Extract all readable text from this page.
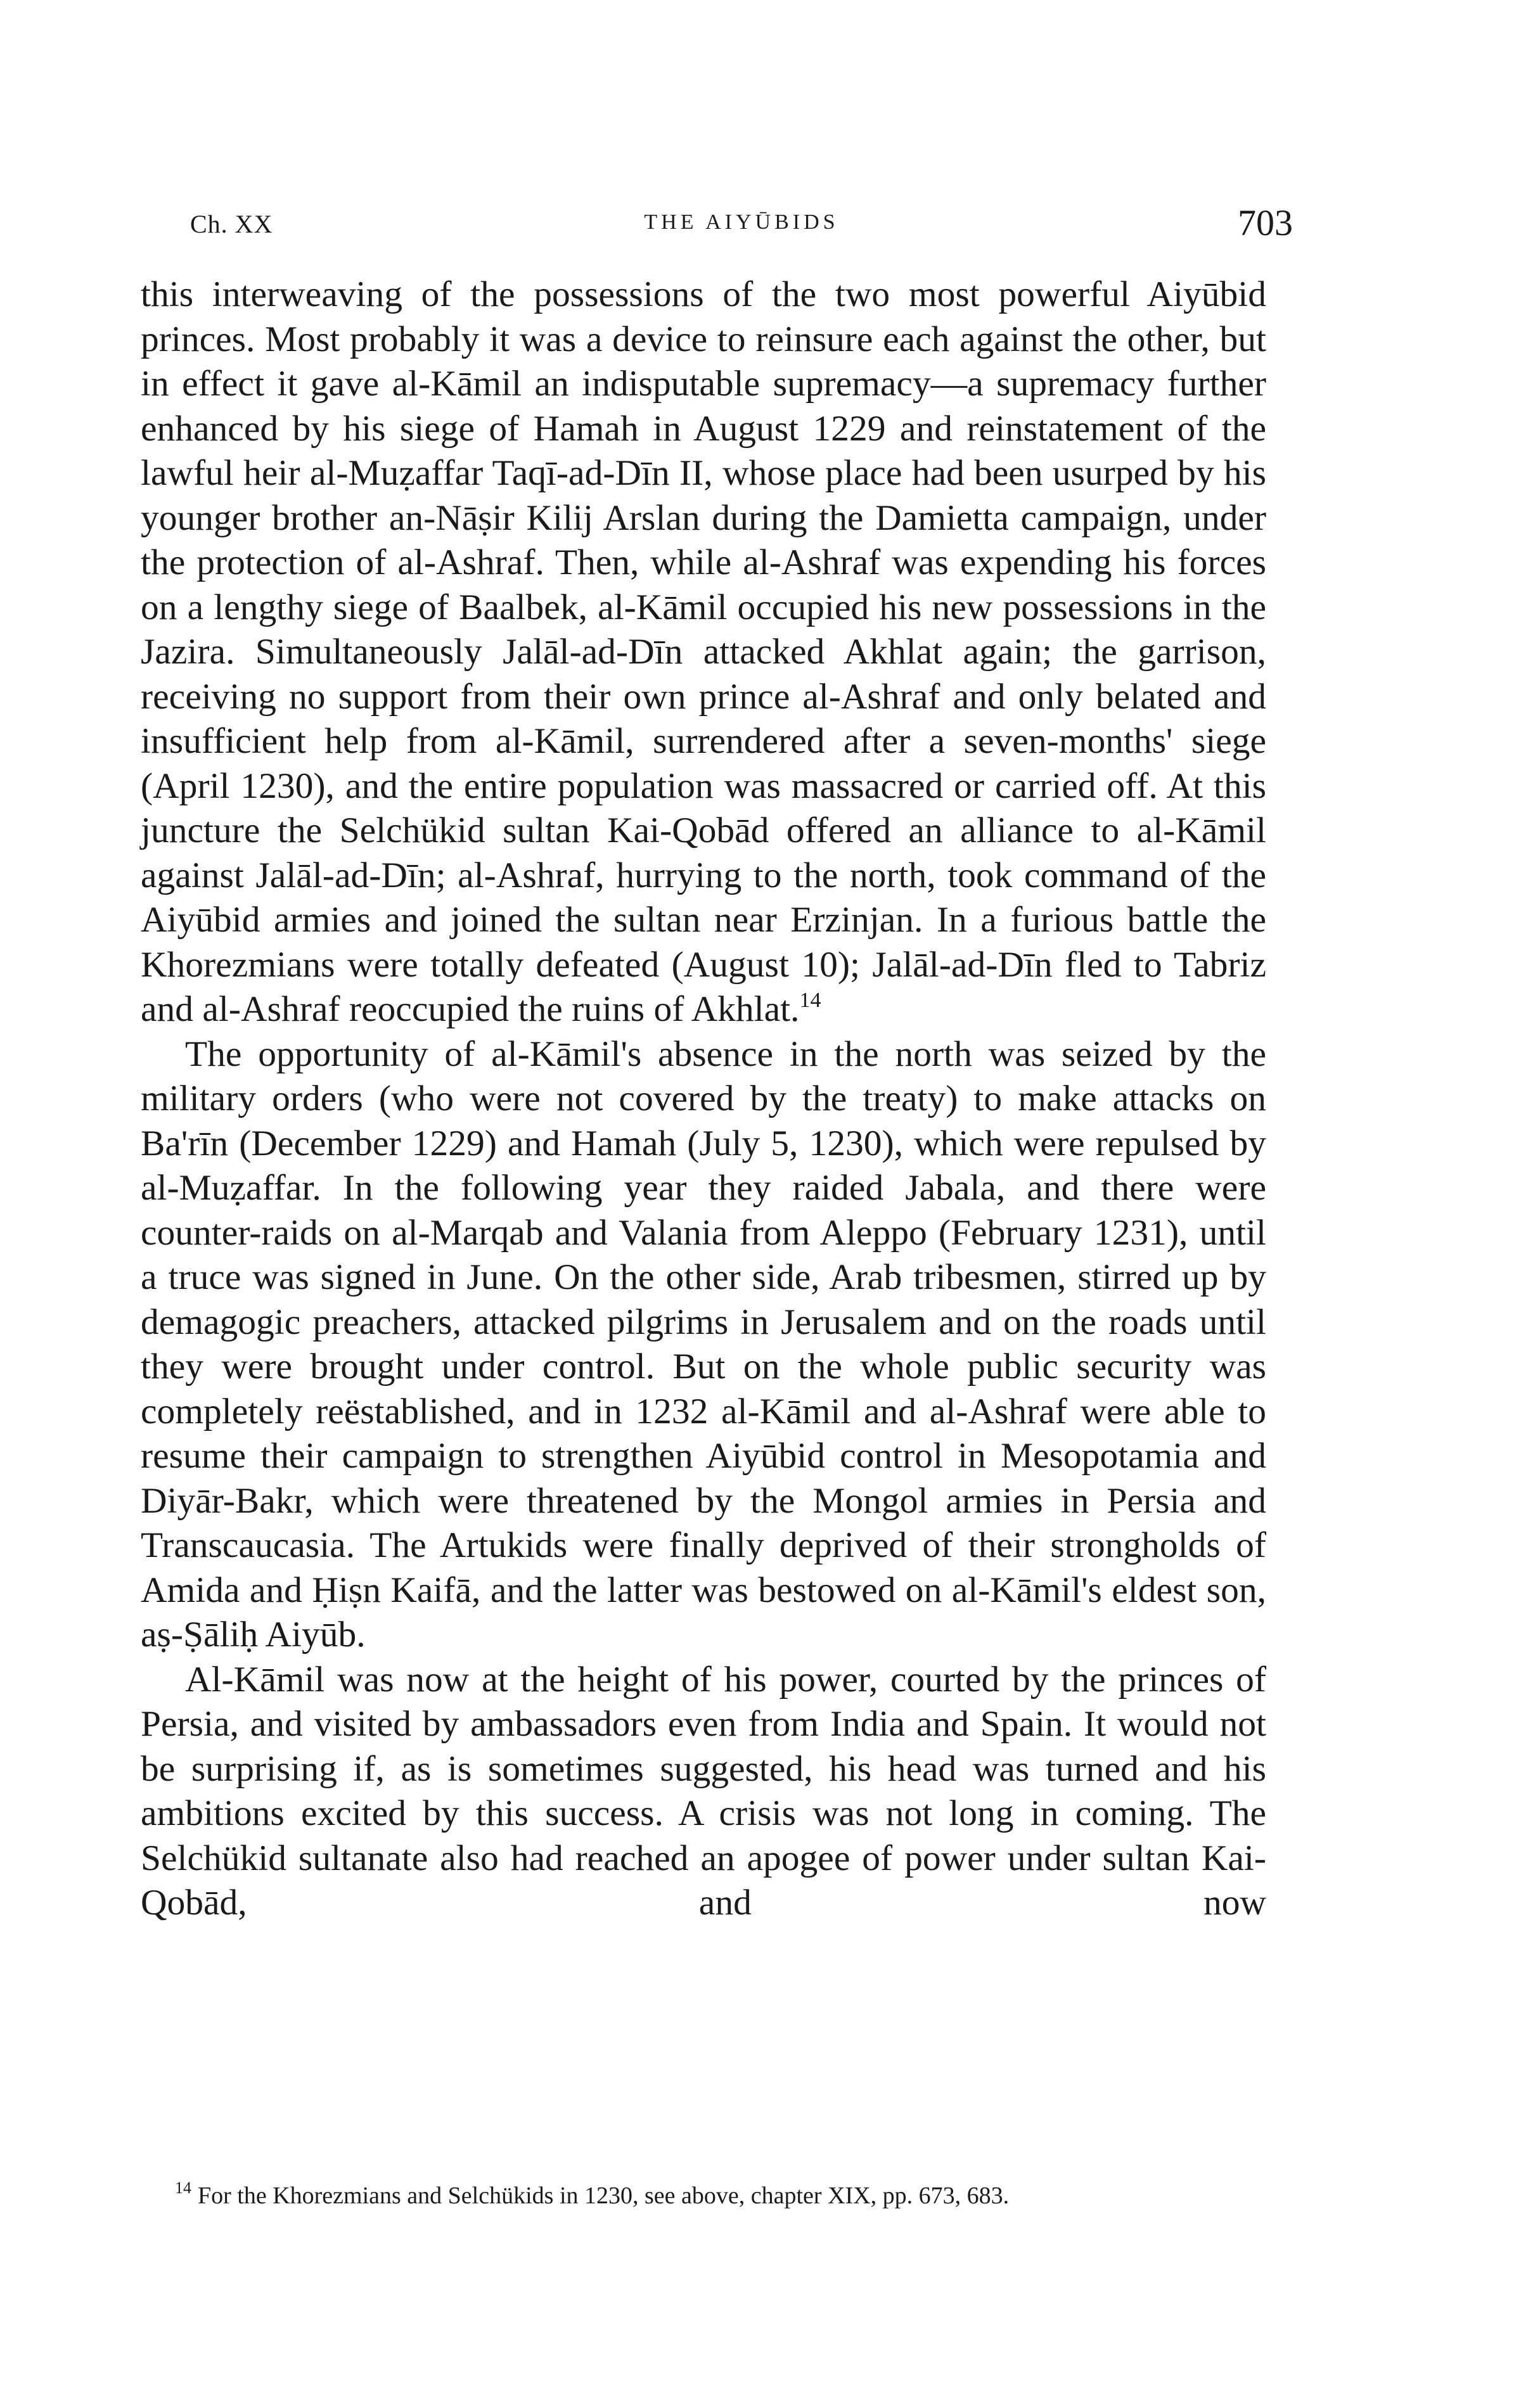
Ch. XX	THE AIYŪBIDS	703

this interweaving of the possessions of the two most powerful Aiyūbid princes. Most probably it was a device to reinsure each against the other, but in effect it gave al-Kāmil an indisputable supremacy—a supremacy further enhanced by his siege of Hamah in August 1229 and reinstatement of the lawful heir al-Muẓaffar Taqī-ad-Dīn II, whose place had been usurped by his younger brother an-Nāṣir Kilij Arslan during the Damietta campaign, under the protection of al-Ashraf. Then, while al-Ashraf was expending his forces on a lengthy siege of Baalbek, al-Kāmil occupied his new possessions in the Jazira. Simultaneously Jalāl-ad-Dīn attacked Akhlat again; the garrison, receiving no support from their own prince al-Ashraf and only belated and insufficient help from al-Kāmil, surrendered after a seven-months' siege (April 1230), and the entire population was massacred or carried off. At this juncture the Selchükid sultan Kai-Qobād offered an alliance to al-Kāmil against Jalāl-ad-Dīn; al-Ashraf, hurrying to the north, took command of the Aiyūbid armies and joined the sultan near Erzinjan. In a furious battle the Khorezmians were totally defeated (August 10); Jalāl-ad-Dīn fled to Tabriz and al-Ashraf reoccupied the ruins of Akhlat.$^{14}$

The opportunity of al-Kāmil's absence in the north was seized by the military orders (who were not covered by the treaty) to make attacks on Ba'rīn (December 1229) and Hamah (July 5, 1230), which were repulsed by al-Muẓaffar. In the following year they raided Jabala, and there were counter-raids on al-Marqab and Valania from Aleppo (February 1231), until a truce was signed in June. On the other side, Arab tribesmen, stirred up by demagogic preachers, attacked pilgrims in Jerusalem and on the roads until they were brought under control. But on the whole public security was completely reëstablished, and in 1232 al-Kāmil and al-Ashraf were able to resume their campaign to strengthen Aiyūbid control in Mesopotamia and Diyār-Bakr, which were threatened by the Mongol armies in Persia and Transcaucasia. The Artukids were finally deprived of their strongholds of Amida and Ḥiṣn Kaifā, and the latter was bestowed on al-Kāmil's eldest son, aṣ-Ṣāliḥ Aiyūb.

Al-Kāmil was now at the height of his power, courted by the princes of Persia, and visited by ambassadors even from India and Spain. It would not be surprising if, as is sometimes suggested, his head was turned and his ambitions excited by this success. A crisis was not long in coming. The Selchükid sultanate also had reached an apogee of power under sultan Kai-Qobād, and now

$^{14}$ For the Khorezmians and Selchükids in 1230, see above, chapter XIX, pp. 673, 683.
